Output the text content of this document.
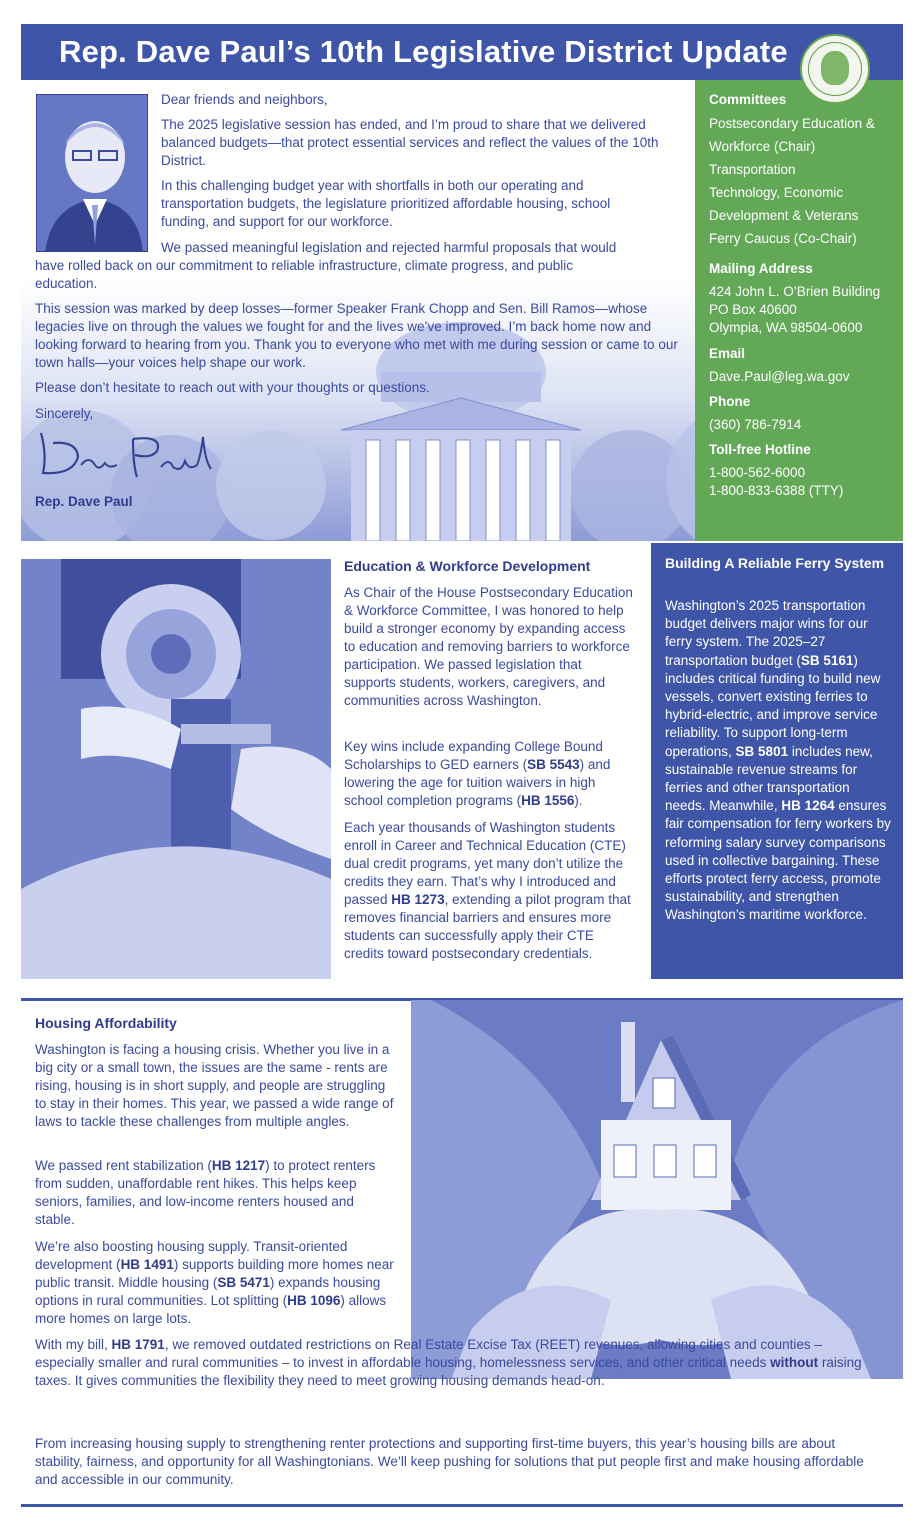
Rep. Dave Paul’s 10th Legislative District Update

Dear friends and neighbors,

The 2025 legislative session has ended, and I’m proud to share that we delivered balanced budgets—that protect essential services and reflect the values of the 10th District.

In this challenging budget year with shortfalls in both our operating and transportation budgets, the legislature prioritized affordable housing, school funding, and support for our workforce.

We passed meaningful legislation and rejected harmful proposals that would have rolled back on our commitment to reliable infrastructure, climate progress, and public education.

This session was marked by deep losses—former Speaker Frank Chopp and Sen. Bill Ramos—whose legacies live on through the values we fought for and the lives we’ve improved. I’m back home now and looking forward to hearing from you. Thank you to everyone who met with me during session or came to our town halls—your voices help shape our work.

Please don’t hesitate to reach out with your thoughts or questions.

Sincerely,

Rep. Dave Paul
Committees
Postsecondary Education &
Workforce (Chair)
Transportation
Technology, Economic
Development & Veterans
Ferry Caucus (Co-Chair)
Mailing Address
424 John L. O’Brien Building
PO Box 40600
Olympia, WA 98504-0600
Email
Dave.Paul@leg.wa.gov
Phone
(360) 786-7914
Toll-free Hotline
1-800-562-6000
1-800-833-6388 (TTY)
Education & Workforce Development

As Chair of the House Postsecondary Education & Workforce Committee, I was honored to help build a stronger economy by expanding access to education and removing barriers to workforce participation. We passed legislation that supports students, workers, caregivers, and communities across Washington.

Key wins include expanding College Bound Scholarships to GED earners (SB 5543) and lowering the age for tuition waivers in high school completion programs (HB 1556).

Each year thousands of Washington students enroll in Career and Technical Education (CTE) dual credit programs, yet many don’t utilize the credits they earn. That’s why I introduced and passed HB 1273, extending a pilot program that removes financial barriers and ensures more students can successfully apply their CTE credits toward postsecondary credentials.

Building A Reliable Ferry System

Washington’s 2025 transportation budget delivers major wins for our ferry system. The 2025–27 transportation budget (SB 5161) includes critical funding to build new vessels, convert existing ferries to hybrid-electric, and improve service reliability. To support long-term operations, SB 5801 includes new, sustainable revenue streams for ferries and other transportation needs. Meanwhile, HB 1264 ensures fair compensation for ferry workers by reforming salary survey comparisons used in collective bargaining. These efforts protect ferry access, promote sustainability, and strengthen Washington’s maritime workforce.

Housing Affordability

Washington is facing a housing crisis. Whether you live in a big city or a small town, the issues are the same - rents are rising, housing is in short supply, and people are struggling to stay in their homes. This year, we passed a wide range of laws to tackle these challenges from multiple angles.

We passed rent stabilization (HB 1217) to protect renters from sudden, unaffordable rent hikes. This helps keep seniors, families, and low-income renters housed and stable.

We’re also boosting housing supply. Transit-oriented development (HB 1491) supports building more homes near public transit. Middle housing (SB 5471) expands housing options in rural communities. Lot splitting (HB 1096) allows more homes on large lots.

With my bill, HB 1791, we removed outdated restrictions on Real Estate Excise Tax (REET) revenues, allowing cities and counties – especially smaller and rural communities – to invest in affordable housing, homelessness services, and other critical needs without raising taxes. It gives communities the flexibility they need to meet growing housing demands head-on.

From increasing housing supply to strengthening renter protections and supporting first-time buyers, this year’s housing bills are about stability, fairness, and opportunity for all Washingtonians. We’ll keep pushing for solutions that put people first and make housing affordable and accessible in our community.
